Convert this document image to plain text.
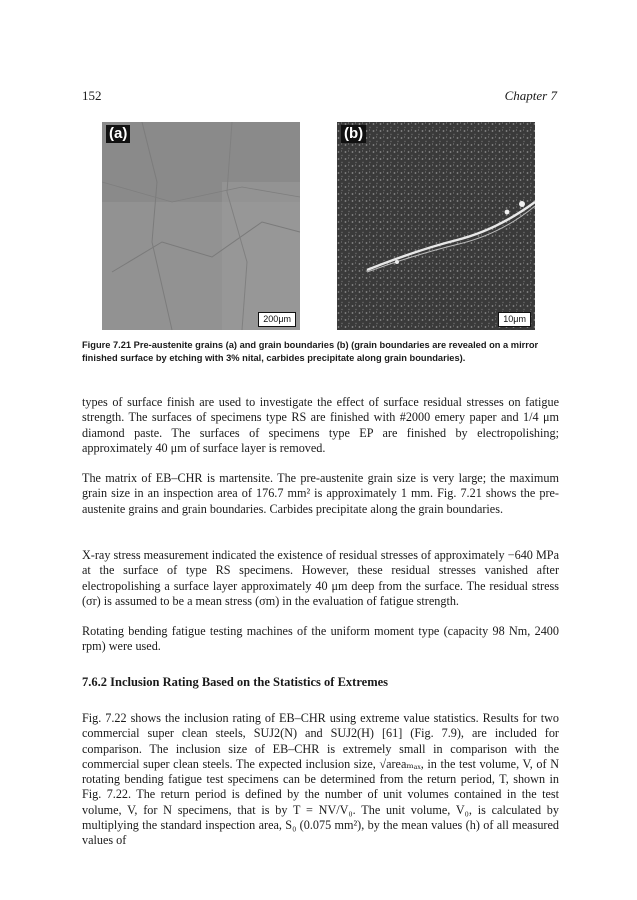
152	Chapter 7
(a)
200μm
(b)
10μm

Figure 7.21 Pre-austenite grains (a) and grain boundaries (b) (grain boundaries are revealed on a mirror finished surface by etching with 3% nital, carbides precipitate along grain boundaries).

types of surface finish are used to investigate the effect of surface residual stresses on fatigue strength. The surfaces of specimens type RS are finished with #2000 emery paper and 1/4 μm diamond paste. The surfaces of specimens type EP are finished by electropolishing; approximately 40 μm of surface layer is removed.

The matrix of EB–CHR is martensite. The pre-austenite grain size is very large; the maximum grain size in an inspection area of 176.7 mm² is approximately 1 mm. Fig. 7.21 shows the pre-austenite grains and grain boundaries. Carbides precipitate along the grain boundaries.

X-ray stress measurement indicated the existence of residual stresses of approximately −640 MPa at the surface of type RS specimens. However, these residual stresses vanished after electropolishing a surface layer approximately 40 μm deep from the surface. The residual stress (σr) is assumed to be a mean stress (σm) in the evaluation of fatigue strength.

Rotating bending fatigue testing machines of the uniform moment type (capacity 98 Nm, 2400 rpm) were used.

7.6.2 Inclusion Rating Based on the Statistics of Extremes

Fig. 7.22 shows the inclusion rating of EB–CHR using extreme value statistics. Results for two commercial super clean steels, SUJ2(N) and SUJ2(H) [61] (Fig. 7.9), are included for comparison. The inclusion size of EB–CHR is extremely small in comparison with the commercial super clean steels. The expected inclusion size, √areaₘₐₓ, in the test volume, V, of N rotating bending fatigue test specimens can be determined from the return period, T, shown in Fig. 7.22. The return period is defined by the number of unit volumes contained in the test volume, V, for N specimens, that is by T = NV/V₀. The unit volume, V₀, is calculated by multiplying the standard inspection area, S₀ (0.075 mm²), by the mean values (h) of all measured values of
